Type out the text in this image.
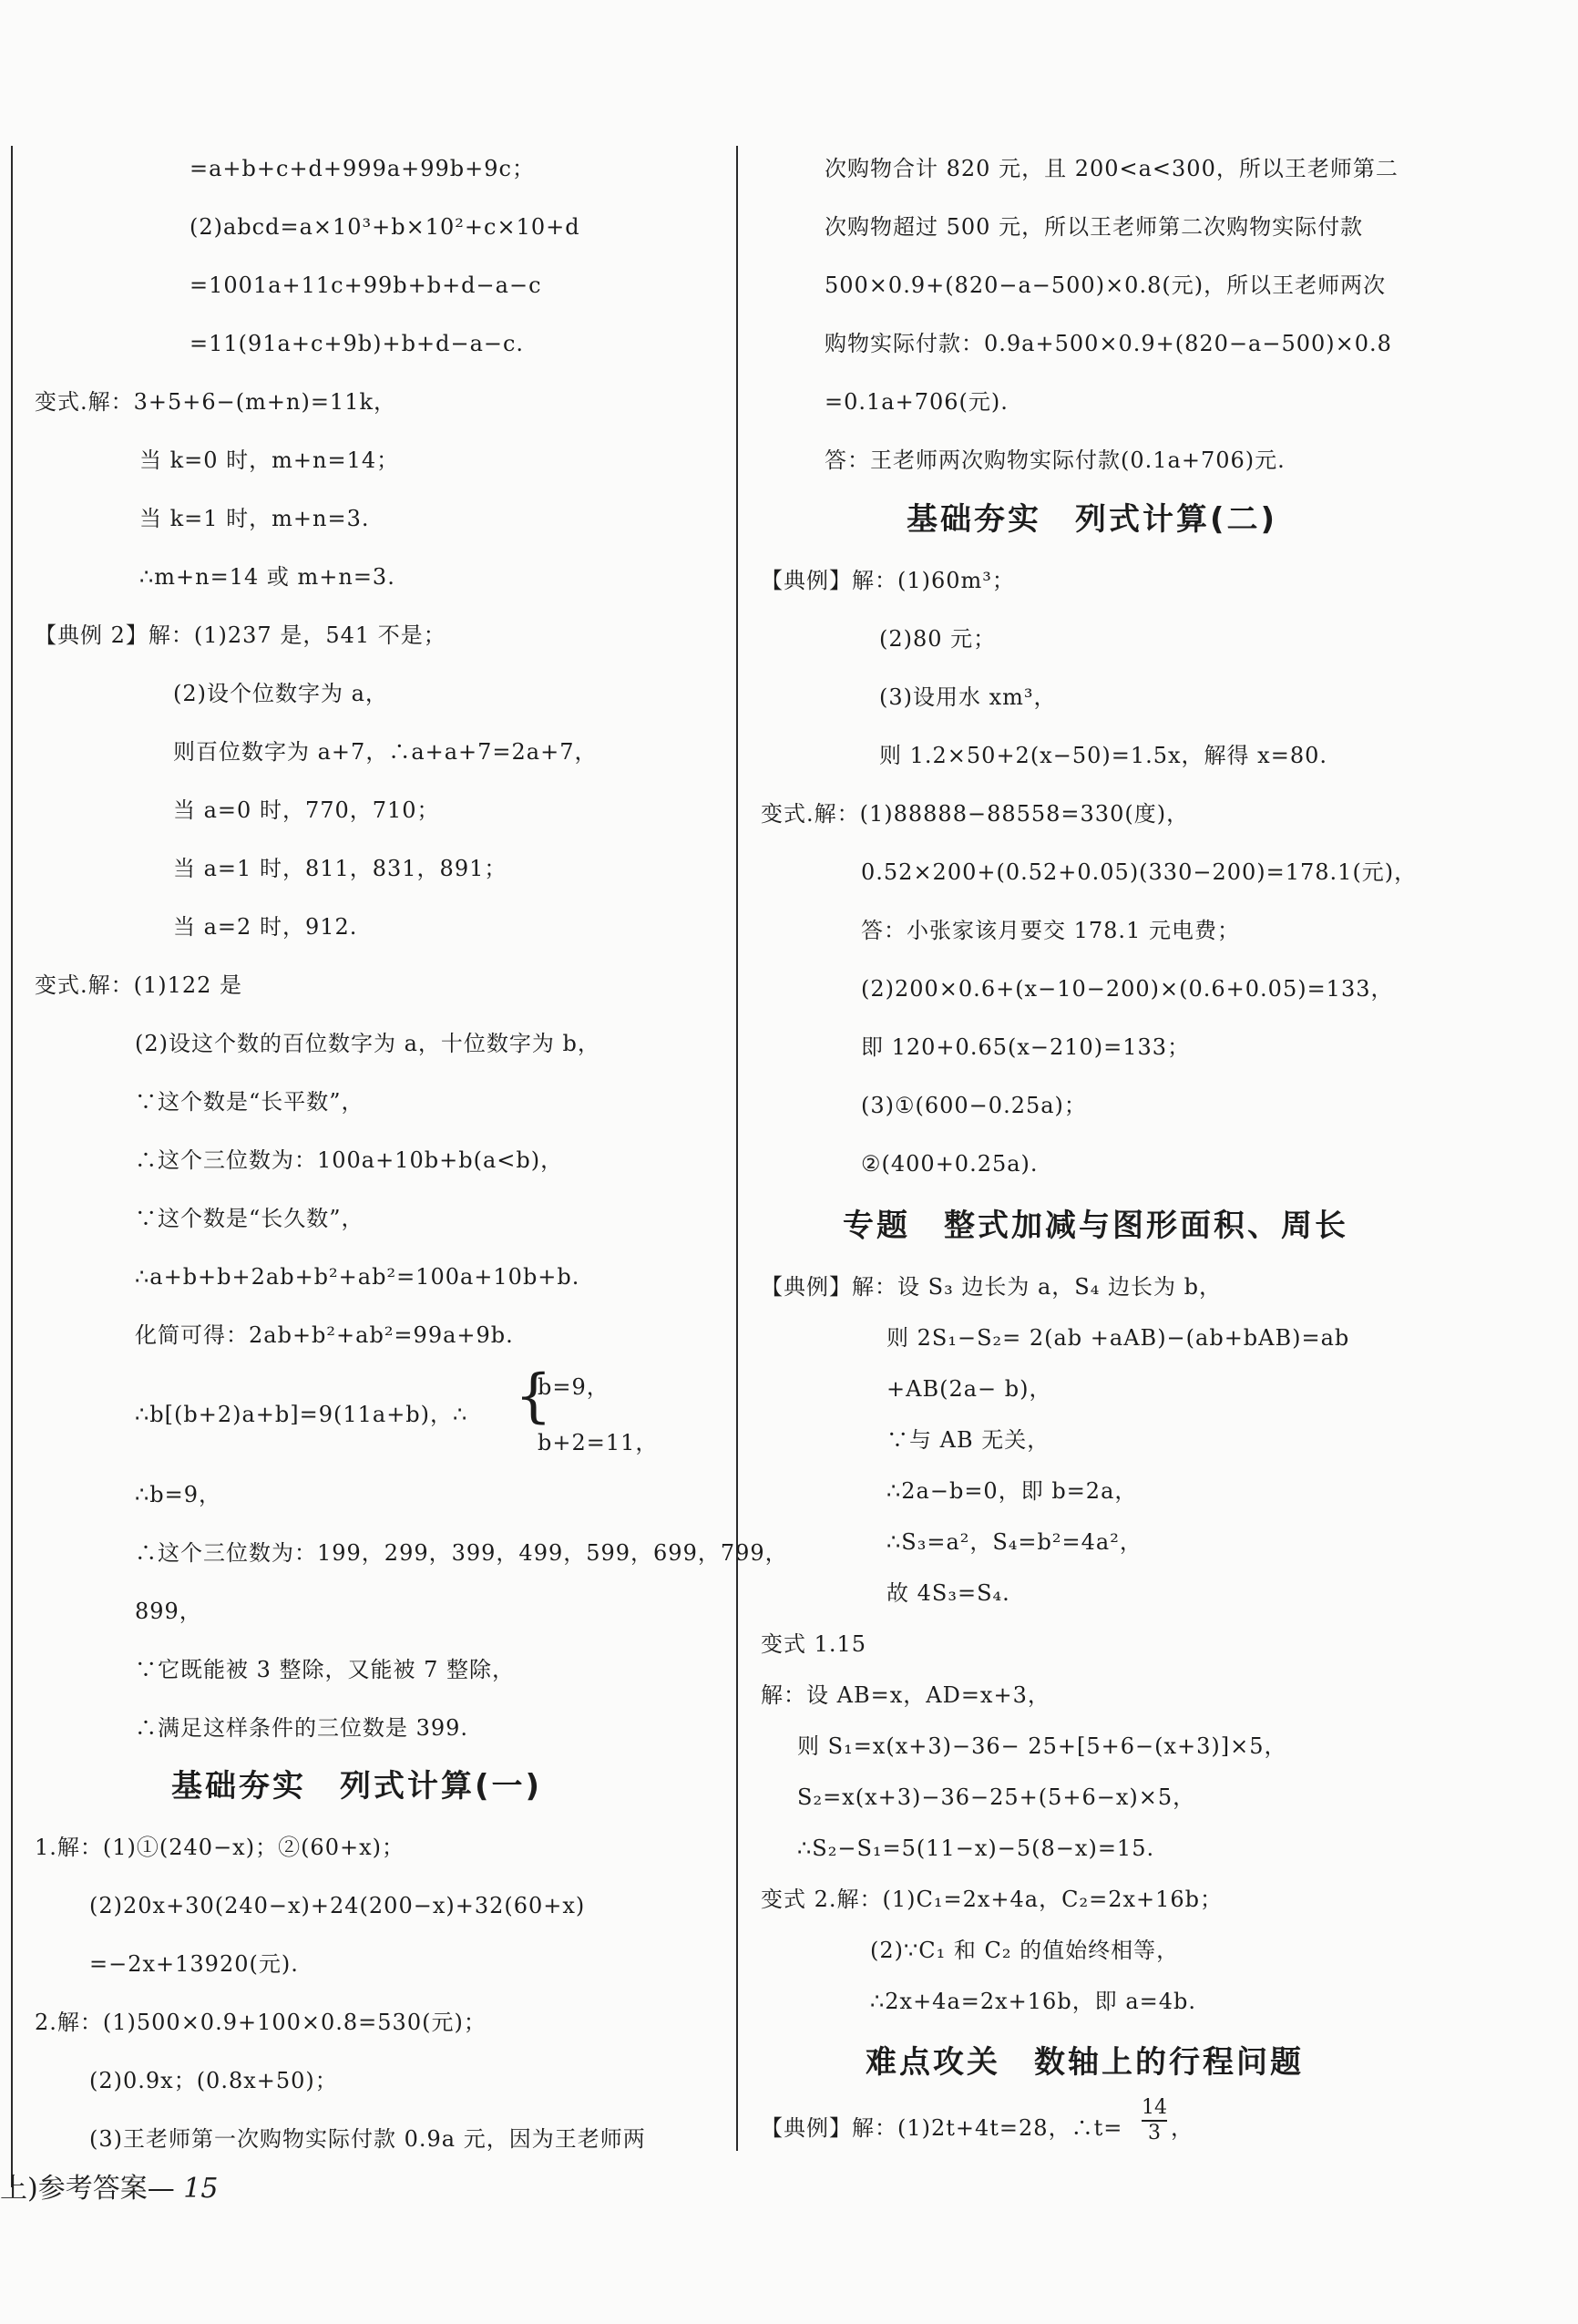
=a+b+c+d+999a+99b+9c；
(2)abcd=a×10³+b×10²+c×10+d
=1001a+11c+99b+b+d−a−c
=11(91a+c+9b)+b+d−a−c.
变式.解：3+5+6−(m+n)=11k，
当 k=0 时，m+n=14；
当 k=1 时，m+n=3.
∴m+n=14 或 m+n=3.
【典例 2】解：(1)237 是，541 不是；
(2)设个位数字为 a，
则百位数字为 a+7，∴a+a+7=2a+7，
当 a=0 时，770，710；
当 a=1 时，811，831，891；
当 a=2 时，912.
变式.解：(1)122 是
(2)设这个数的百位数字为 a，十位数字为 b，
∵这个数是“长平数”，
∴这个三位数为：100a+10b+b(a<b)，
∵这个数是“长久数”，
∴a+b+b+2ab+b²+ab²=100a+10b+b.
化简可得：2ab+b²+ab²=99a+9b.
∴b[(b+2)a+b]=9(11a+b)，∴ {
b=9，
b+2=11，
∴b=9，
∴这个三位数为：199，299，399，499，599，699，799，
899，
∵它既能被 3 整除，又能被 7 整除，
∴满足这样条件的三位数是 399.
基础夯实　列式计算(一)
1.解：(1)①(240−x)；②(60+x)；
(2)20x+30(240−x)+24(200−x)+32(60+x)
=−2x+13920(元).
2.解：(1)500×0.9+100×0.8=530(元)；
(2)0.9x；(0.8x+50)；
(3)王老师第一次购物实际付款 0.9a 元，因为王老师两
次购物合计 820 元，且 200<a<300，所以王老师第二
次购物超过 500 元，所以王老师第二次购物实际付款
500×0.9+(820−a−500)×0.8(元)，所以王老师两次
购物实际付款：0.9a+500×0.9+(820−a−500)×0.8
=0.1a+706(元).
答：王老师两次购物实际付款(0.1a+706)元.
基础夯实　列式计算(二)
【典例】解：(1)60m³；
(2)80 元；
(3)设用水 xm³，
则 1.2×50+2(x−50)=1.5x，解得 x=80.
变式.解：(1)88888−88558=330(度)，
0.52×200+(0.52+0.05)(330−200)=178.1(元)，
答：小张家该月要交 178.1 元电费；
(2)200×0.6+(x−10−200)×(0.6+0.05)=133，
即 120+0.65(x−210)=133；
(3)①(600−0.25a)；
②(400+0.25a).
专题　整式加减与图形面积、周长
【典例】解：设 S₃ 边长为 a，S₄ 边长为 b，
则 2S₁−S₂= 2(ab +aAB)−(ab+bAB)=ab
+AB(2a− b)，
∵与 AB 无关，
∴2a−b=0，即 b=2a，
∴S₃=a²，S₄=b²=4a²，
故 4S₃=S₄.
变式 1.15
解：设 AB=x，AD=x+3，
则 S₁=x(x+3)−36− 25+[5+6−(x+3)]×5，
S₂=x(x+3)−36−25+(5+6−x)×5，
∴S₂−S₁=5(11−x)−5(8−x)=15.
变式 2.解：(1)C₁=2x+4a，C₂=2x+16b；
(2)∵C₁ 和 C₂ 的值始终相等，
∴2x+4a=2x+16b，即 a=4b.
难点攻关　数轴上的行程问题
【典例】解：(1)2t+4t=28，∴t=
14
3 ，
上)参考答案— 15
